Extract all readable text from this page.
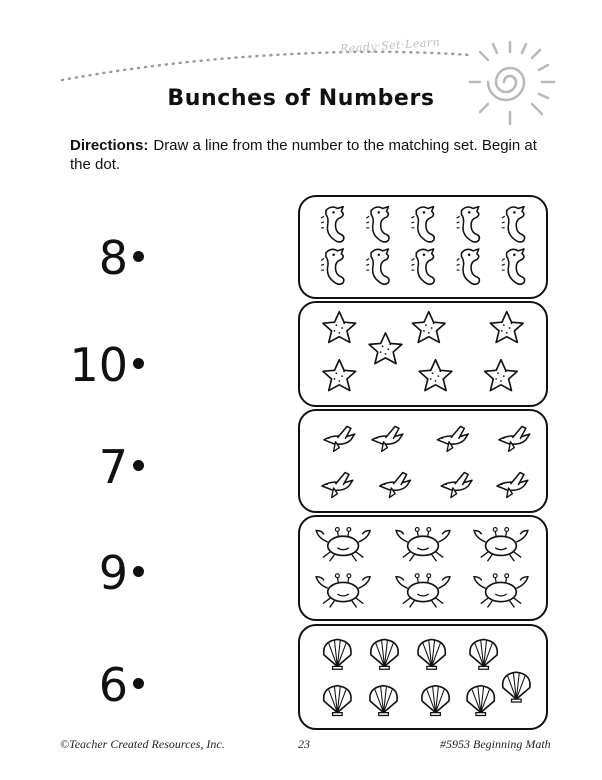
Ready·Set·Learn
Bunches of Numbers
Directions: Draw a line from the number to the matching set. Begin at the dot.
8
10
7
9
6
©Teacher Created Resources, Inc.	23	#5953 Beginning Math
